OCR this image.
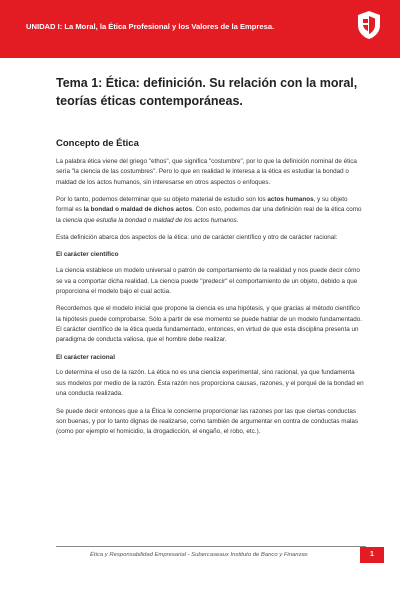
UNIDAD I: La Moral, la Ética Profesional y los Valores de la Empresa.
Tema 1: Ética: definición. Su relación con la moral, teorías éticas contemporáneas.
Concepto de Ética

La palabra ética viene del griego "ethos", que significa "costumbre", por lo que la definición nominal de ética sería "la ciencia de las costumbres". Pero lo que en realidad le interesa a la ética es estudiar la bondad o maldad de los actos humanos, sin interesarse en otros aspectos o enfoques.

Por lo tanto, podemos determinar que su objeto material de estudio son los actos humanos, y su objeto formal es la bondad o maldad de dichos actos. Con esto, podemos dar una definición real de la ética como la ciencia que estudia la bondad o maldad de los actos humanos.

Esta definición abarca dos aspectos de la ética: uno de carácter científico y otro de carácter racional:

El carácter científico

La ciencia establece un modelo universal o patrón de comportamiento de la realidad y nos puede decir cómo se va a comportar dicha realidad. La ciencia puede "predecir" el comportamiento de un objeto, debido a que proporciona el modelo bajo el cual actúa.

Recordemos que el modelo inicial que propone la ciencia es una hipótesis, y que gracias al método científico la hipótesis puede comprobarse. Sólo a partir de ese momento se puede hablar de un modelo fundamentado. El carácter científico de la ética queda fundamentado, entonces, en virtud de que esta disciplina presenta un paradigma de conducta valiosa, que el hombre debe realizar.

El carácter racional

Lo determina el uso de la razón. La ética no es una ciencia experimental, sino racional, ya que fundamenta sus modelos por medio de la razón. Ésta razón nos proporciona causas, razones, y el porqué de la bondad en una conducta realizada.

Se puede decir entonces que a la Ética le concierne proporcionar las razones por las que ciertas conductas son buenas, y por lo tanto dignas de realizarse, como también de argumentar en contra de conductas malas (como por ejemplo el homicidio, la drogadicción, el engaño, el robo, etc.).

Ética y Responsabilidad Empresarial - Subercaseaux Instituto de Banco y Finanzas	1
